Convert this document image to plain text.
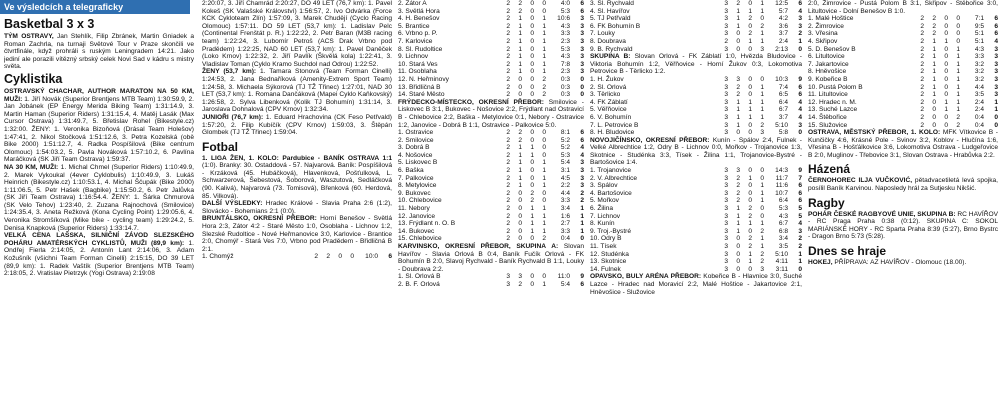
Ve výsledcích a telegraficky
Basketbal 3 x 3
TÝM OSTRAVY, Jan Stehlík, Filip Zbránek, Martin Gniadek a Roman Zachrla, na turnaji Světové Tour v Praze skončili ve čtvrtfinále, když prohráli s ruským Leningradem 14:21. Jako jediní ale porazili vítězný srbský celek Novi Sad v kádru s mistry světa.
Cyklistika
OSTRAVSKÝ CHACHAR, AUTHOR MARATON NA 50 KM, MUŽI: 1. Jiří Novák (Superior Brentjens MTB Team) 1:30:59.9, 2. Jan Jobánek (EP Energy Merida Biking Team) 1:31:14.9, 3. Martin Haman (Superior Riders) 1:31:15.4, 4. Matěj Lasák (Max Cursor Ostrava) 1:31:49.7, 5. Břetislav Rohel (Bikestyle.cz) 1:32:00. ŽENY: 1. Veronika Bizoňová (Drásal Team Holešov) 1:47:41, 2. Nikol Stočková 1:51:12.6, 3. Petra Kozelská (obě Bike 2000) 1:51:12.7, 4. Radka Pospíšilová (Bike centrum Olomouc) 1:54:03.2, 5. Pavla Nováková 1:57:10.2, 6. Pavlína Maráčková (SK Jiří Team Ostrava) 1:59:37.
NA 30 KM, MUŽI: 1. Michal Chmel (Superior Riders) 1:10:49.9, 2. Marek Vykoukal (4ever Cyklobulis) 1:10:49.9, 3. Lukáš Heinrich (Bikestyle.cz) 1:10:53.1, 4. Michal Ščupák (Bike 2000) 1:11:06.5, 5. Petr Hašek (Bagbike) 1:15:50.2, 6. Petr Jalůvka (SK Jiří Team Ostrava) 1:16:54.4. ŽENY: 1. Šárka Chmurová (SK Velo Tehov) 1:23:40, 2. Zuzana Rajnochová (Smilovice) 1:24:35.4, 3. Aneta Režková (Kona Cycling Point) 1:29:05.6, 4. Veronika Stromšíková (Mike bike - cycling team) 1:29:24.2, 5. Denisa Knapková (Superior Riders) 1:33:14.7.
VELKÁ CENA LAŠSKA, SILNIČNÍ ZÁVOD SLEZSKÉHO POHÁRU AMATÉRSKÝCH CYKLISTŮ, MUŽI (89,9 km): 1. Ondřej Fierla 2:14:05, 2. Antonín Lant 2:14:06, 3. Adam Kožušník (všichni Team Forman Cinelli) 2:15:15, DO 39 LET (89,9 km): 1. Radek Vaštík (Superior Brentjens MTB Team) 2:18:05, 2. Vratislav Pietrzyk (Yogi Ostrava) 2:19:08
2:20:07, 3. Jiří Chamrád 2:20:27, DO 49 LET (76,7 km): 1. Pavel Kokeš (SK Valašské Království) 1:56:57, 2. Ivo Odvárka (Force KCK Cykloteam Zlín) 1:57:09, 3. Marek Chudějí (Cyclo Racing Olomouc) 1:57:11. DO 59 LET (53,7 km): 1. Ladislav Pelc (Continental Frenštát p. R.) 1:22:22, 2. Petr Baran (M3B racing team) 1:22:24, 3. Lubomír Petroš (ACS Drak Vrbno pod Pradědem) 1:22:25, NAD 60 LET (53,7 km): 1. Pavel Daněček (Loko Krnov) 1:22:32, 2. Jiří Pavlík (Škvělá kola) 1:22:41, 3. Vladislav Toman (Cyklo Kramo Suchdol nad Odrou) 1:22:52.
ŽENY (53,7 km): 1. Tamara Stonová (Team Forman Cinelli) 1:24:53, 2. Jana Bednaříková (Amenity-Extrem Sport Team) 1:24:58, 3. Michaela Sýkorová (TJ TŽ Třinec) 1:27:01, NAD 30 LET (53,7 km): 1. Romana Dančáková (Mapei Cyklo Kaňkovský) 1:26:58, 2. Sylva Libenková (Kolik TJ Bohumín) 1:31:14, 3. Jaroslava Dohnalová (CPV Krnov) 1:32:34.
JUNIOŘI (76,7 km): 1. Eduard Hrachovina (CK Feso Petřvald) 1:57:20, 2. Filip Kubíčík (CPV Krnov) 1:59:03, 3. Štěpán Glombek (TJ TŽ Třinec) 1:59:04.
Fotbal
1. LIGA ŽEN, 1. KOLO: Pardubice - BANÍK OSTRAVA 1:1 (1:0). Branky: 30. Ostaddová - 57. Najvarová. Baník: Pospíšilová - Krzáková (45. Hubáčková), Hlavenková, Pošťulková, L. Schwarzerová, Šebestová, Šoborová, Waszutová, Sedláčková (90. Kalivá), Najvarová (73. Tomisová), Břenková (60. Herdová, 85. Vilková).
DALŠÍ VÝSLEDKY: Hradec Králové - Slavia Praha 2:6 (1:2), Slovácko - Bohemians 2:1 (0:0).
BRUNTÁLSKO, OKRESNÍ PŘEBOR: Horní Benešov - Světlá Hora 2:3, Zátor 4:2 - Staré Město 1:0, Osoblaha - Lichnov 1:2, Slezské Rudoltice - Nové Heřmanovice 3:0, Karlovice - Brantice 2:0, Chomýř - Stará Ves 7:0, Vrbno pod Pradědem - Břidličná B 2:1.
1. Chomýž	2	2	0	0	10:0	6
2. Zátor A	2	2	0	0	4:0	6
3. Světlá Hora	2	2	0	0	5:3	6
4. H. Benešov	2	1	0	1	10:6	3
5. Brantice	2	1	0	1	4:3	3
6. Vrbno p. P.	2	1	0	1	3:3	3
7. Karlovice	2	1	0	1	2:3	3
8. Sl. Rudoltice	2	1	0	1	5:3	3
9. Lichnov	2	1	0	1	4:3	3
10. Stará Ves	2	1	0	1	7:8	3
11. Osoblaha	2	1	0	1	2:3	3
12. N. Heřminovy	2	0	0	2	0:3	0
13. Břidličná B	2	0	0	2	0:3	0
14. Staré Město	2	0	0	2	0:3	0
FRÝDECKO-MÍSTECKO, OKRESNÍ PŘEBOR: Smilovice - Liskovec B 3:1, Bukovec - Nošovice 2:2, Frýdlant nad Ostravicí B - Chlebovice 2:2, Baška - Metylovice 0:1, Nebory - Ostravice 1:2, Janovice - Dobrá B 1:1, Ostravice - Palkovice 5:0.
1. Ostravice	2	2	0	0	8:1	6
2. Smilovice	2	2	0	0	5:2	6
3. Dobrá B	2	1	1	0	5:2	4
4. Nošovice	2	1	1	0	5:3	4
5. Liskovec B	2	1	0	1	5:4	3
6. Baška	2	1	0	1	3:1	3
7. Palkovice	2	1	0	1	4:5	3
8. Metylovice	2	1	0	1	2:2	3
9. Bukovec	2	0	2	0	4:4	2
10. Chlebovice	2	0	2	0	3:3	2
11. Nebory	2	0	1	1	3:4	1
12. Janovice	2	0	1	1	1:6	1
13. Frýdlant n. O. B	2	0	1	1	2:7	1
14. Bukovec	2	0	1	1	3:3	1
15. Chlebovice	2	0	0	2	0:4	0
KARVINSKO, OKRESNÍ PŘEBOR, SKUPINA A: Slovan Havířov - Slavia Orlová B 0:4, Baník Fučík Orlová - FK Bohumín B 2:0, Slavoj Rychvald - Baník Rychvald B 1:1, Louky - Doubrava 2:2.
1. Sl. Orlová B	3	3	0	0	11:0	9
2. B. F. Orlová	3	2	0	1	5:4	6
3. Sl. Rychvald	3	2	0	1	12:5	6
4. Sl. Havířov	3	1	1	1	5:7	4
5. TJ Petřvald	3	1	2	0	4:2	3
6. FK Bohumín B	3	1	0	2	3:6	3
7. Louky	3	0	2	1	3:7	2
8. Doubrava	2	0	1	1	2:4	1
9. B. Rychvald	3	0	0	3	2:13	0
SKUPINA B: Slovan Orlová - FK Záblatí 1:0, Hvězda Bludovice - Viktoria Bohumín 1:2, Věřňovice - Horní Žukov 0:3, Lokomotiva Petrovice B - Těrlicko 1:2.
1. H. Žukov	3	3	0	0	10:3	9
2. Sl. Orlová	3	2	0	1	7:4	6
3. Těrlicko	3	2	0	1	6:5	6
4. FK Záblatí	3	1	1	1	6:4	4
5. Věřňovice	3	1	1	1	6:7	4
6. V. Bohumín	3	1	1	1	3:7	4
7. L. Petrovice B	3	1	0	2	5:10	3
8. H. Bludovice	3	0	0	3	5:8	0
NOVOJIČÍNSKO, OKRESNÍ PŘEBOR: Kunín - Spálov 2:4, Fulnek - Velké Albrechtice 1:2, Odry B - Lichnov 0:0, Mořkov - Trojanovice 1:3, Skotnice - Studénka 3:3, Tísek - Žilina 1:1, Trojanovice-Bystré - Bartošovice 1:4.
1. Trojanovice	3	3	0	0	14:3	9
2. V. Albrechtice	3	2	1	0	11:7	7
3. Spálov	3	2	0	1	11:6	6
4. Bartošovice	3	2	0	1	10:7	6
5. Mořkov	3	2	0	1	6:4	6
6. Žilina	3	1	2	0	5:3	5
7. Lichnov	3	1	2	0	4:3	5
8. Kunín	3	1	1	1	6:7	4
9. Troj.-Bystré	3	1	0	2	6:8	3
10. Odry B	3	0	2	1	3:4	2
11. Tísek	3	0	2	1	3:5	2
12. Studénka	3	0	1	2	5:10	1
13. Skotnice	3	0	1	2	4:11	1
14. Fulnek	3	0	0	3	3:11	0
OPAVSKO, BULY ARÉNA PŘEBOR: Kobeřice B - Hlavnice 3:0, Suché Lazce - Hradec nad Moravicí 2:2, Malé Hoštice - Jakartovice 2:1, Hněvošice - Služovice
2:0, Žimrovice - Pustá Polom B 3:1, Skřipov - Štěbořice 3:0, Litultovice - Dolní Benešov B 1:0.
1. Malé Hoštice	2	2	0	0	7:1	6
2. Žimrovice	2	2	0	0	9:5	6
3. Vřesina	2	2	0	0	5:1	6
4. Skřipov	2	1	1	0	5:1	4
5. D. Benešov B	2	1	0	1	4:3	3
6. Litultovice	2	1	0	1	3:3	3
7. Jakartovice	2	1	0	1	3:2	3
8. Hněvošice	2	1	0	1	3:2	3
9. Kobeřice B	2	1	0	1	3:2	3
10. Pustá Polom B	2	1	0	1	4:4	3
11. Litultovice	2	1	0	1	3:5	3
12. Hradec n. M.	2	0	1	1	2:4	1
13. Suché Lazce	2	0	1	1	2:4	1
14. Štěbořice	2	0	0	2	0:4	0
15. Služovice	2	0	0	2	0:4	0
OSTRAVA, MĚSTSKÝ PŘEBOR, 1. KOLO: MFK Vítkovice B - Kunčičky 4:6, Krásné Pole - Svinov 3:2, Koblov - Hlučína 1:6, Vřesina B - Hošťálkovice 3:6, Lokomotiva Ostrava - Ludgeřovice B 2:0, Muglinov - Třebovice 3:1, Slovan Ostrava - Hrabůvka 2:2.
Házená
ČERNOHOREC ILJA VUČKOVIĆ, pětadvacetiletá levá spojka, posílil Baník Karvinou. Naposledy hrál za Sutjesku Nikšić.
Ragby
POHÁR ČESKÉ RAGBYOVÉ UNIE, SKUPINA B: RC HAVÍŘOV - RC Praga Praha 0:38 (0:12). SKUPINA C: SOKOL MARIÁNSKÉ HORY - RC Sparta Praha 8:39 (5:27), Brno Bystrc - Dragon Brno 5:73 (5:28).
Dnes se hraje
HOKEJ, PŘÍPRAVA: AZ HAVÍŘOV - Olomouc (18.00).
